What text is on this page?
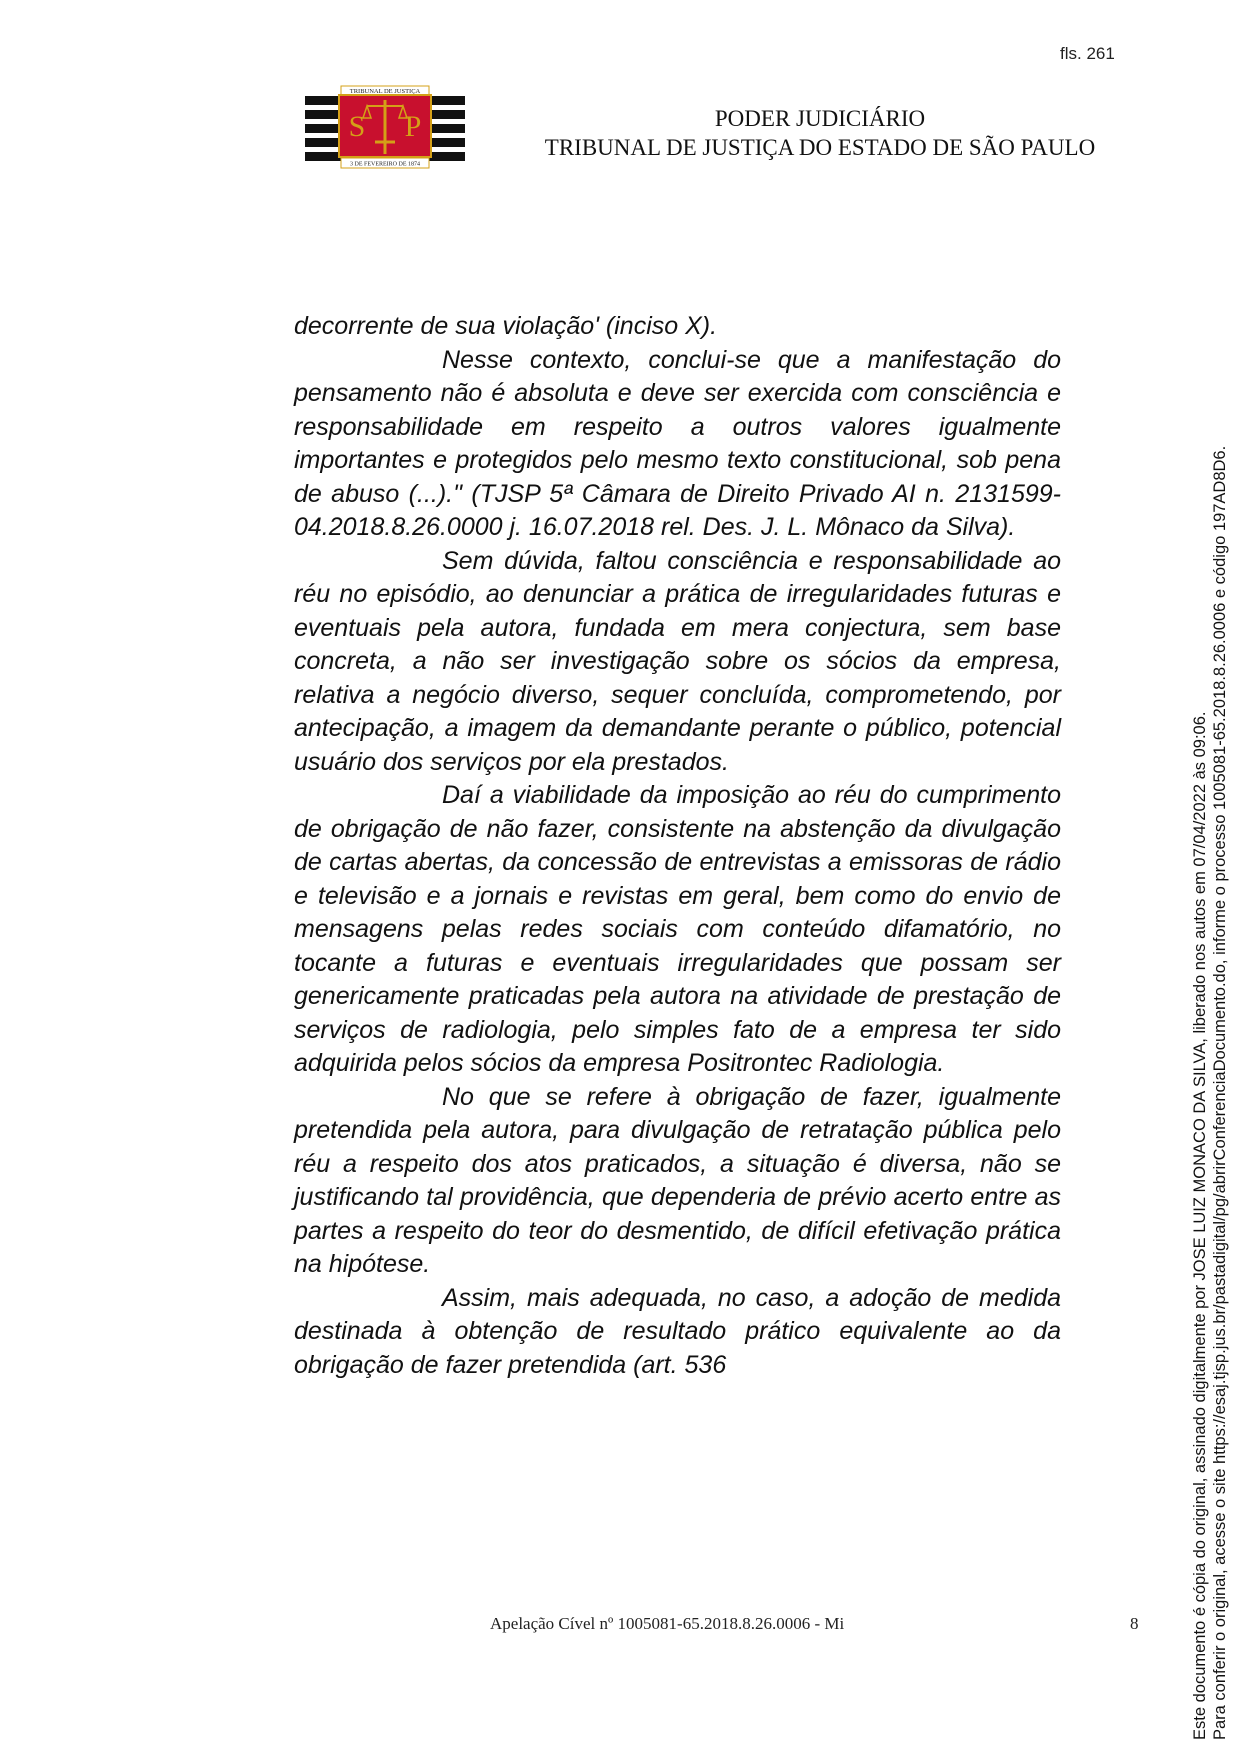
fls. 261
TRIBUNAL DE JUSTIÇA
S P
3 DE FEVEREIRO DE 1874
PODER JUDICIÁRIO
TRIBUNAL DE JUSTIÇA DO ESTADO DE SÃO PAULO

decorrente de sua violação' (inciso X).

Nesse contexto, conclui-se que a manifestação do pensamento não é absoluta e deve ser exercida com consciência e responsabilidade em respeito a outros valores igualmente importantes e protegidos pelo mesmo texto constitucional, sob pena de abuso (...)." (TJSP 5ª Câmara de Direito Privado AI n. 2131599-04.2018.8.26.0000 j. 16.07.2018 rel. Des. J. L. Mônaco da Silva).

Sem dúvida, faltou consciência e responsabilidade ao réu no episódio, ao denunciar a prática de irregularidades futuras e eventuais pela autora, fundada em mera conjectura, sem base concreta, a não ser investigação sobre os sócios da empresa, relativa a negócio diverso, sequer concluída, comprometendo, por antecipação, a imagem da demandante perante o público, potencial usuário dos serviços por ela prestados.

Daí a viabilidade da imposição ao réu do cumprimento de obrigação de não fazer, consistente na abstenção da divulgação de cartas abertas, da concessão de entrevistas a emissoras de rádio e televisão e a jornais e revistas em geral, bem como do envio de mensagens pelas redes sociais com conteúdo difamatório, no tocante a futuras e eventuais irregularidades que possam ser genericamente praticadas pela autora na atividade de prestação de serviços de radiologia, pelo simples fato de a empresa ter sido adquirida pelos sócios da empresa Positrontec Radiologia.

No que se refere à obrigação de fazer, igualmente pretendida pela autora, para divulgação de retratação pública pelo réu a respeito dos atos praticados, a situação é diversa, não se justificando tal providência, que dependeria de prévio acerto entre as partes a respeito do teor do desmentido, de difícil efetivação prática na hipótese.

Assim, mais adequada, no caso, a adoção de medida destinada à obtenção de resultado prático equivalente ao da obrigação de fazer pretendida (art. 536

Apelação Cível nº 1005081-65.2018.8.26.0006 - Mi	8	Este documento é cópia do original, assinado digitalmente por JOSE LUIZ MONACO DA SILVA, liberado nos autos em 07/04/2022 às 09:06. Para conferir o original, acesse o site https://esaj.tjsp.jus.br/pastadigital/pg/abrirConferenciaDocumento.do, informe o processo 1005081-65.2018.8.26.0006 e código 197AD8D6.
